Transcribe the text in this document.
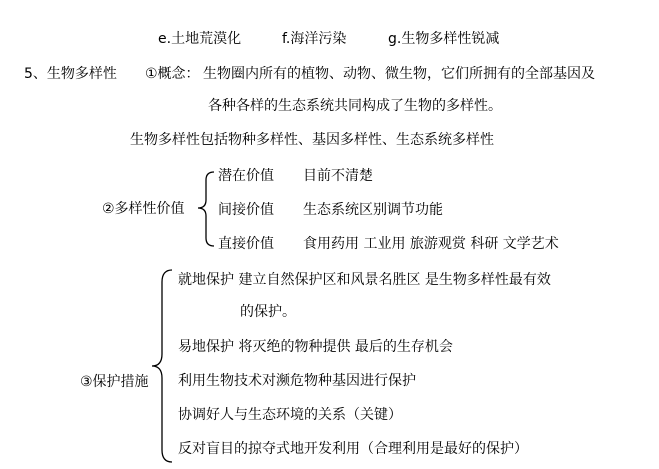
e.土地荒漠化	f.海洋污染	g.生物多样性锐减
5、生物多样性 ①概念： 生物圈内所有的植物、动物、微生物，它们所拥有的全部基因及
各种各样的生态系统共同构成了生物的多样性。
生物多样性包括物种多样性、基因多样性、生态系统多样性
②多样性价值
潜在价值 目前不清楚
间接价值 生态系统区别调节功能
直接价值 食用药用 工业用 旅游观赏 科研 文学艺术
③保护措施
就地保护 建立自然保护区和风景名胜区 是生物多样性最有效
的保护。
易地保护 将灭绝的物种提供 最后的生存机会
利用生物技术对濒危物种基因进行保护
协调好人与生态环境的关系（关键）
反对盲目的掠夺式地开发利用（合理利用是最好的保护）
